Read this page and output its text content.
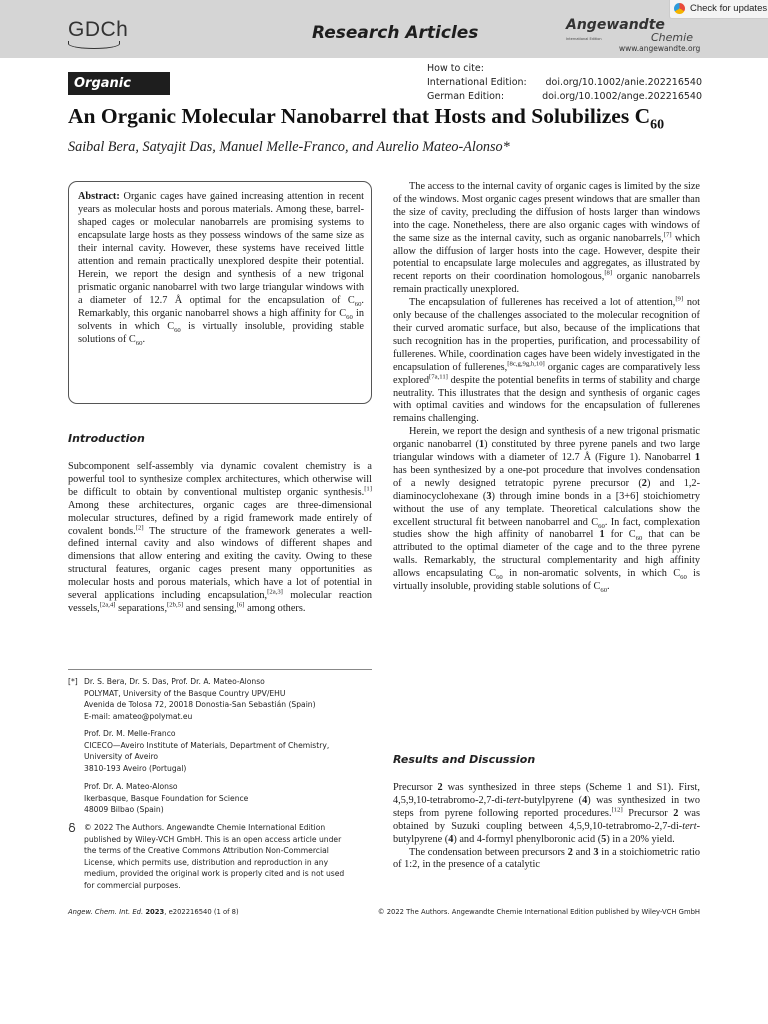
GDCh	Research Articles	Angewandte
International Edition	Chemie
www.angewandte.org
Check for updates
Organic
How to cite:
International Edition: doi.org/10.1002/anie.202216540
German Edition:	doi.org/10.1002/ange.202216540
An Organic Molecular Nanobarrel that Hosts and Solubilizes $C_{60}$
Saibal Bera, Satyajit Das, Manuel Melle-Franco, and Aurelio Mateo-Alonso*
Abstract: Organic cages have gained increasing attention in recent years as molecular hosts and porous materials. Among these, barrel-shaped cages or molecular nanobarrels are promising systems to encapsulate large hosts as they possess windows of the same size as their internal cavity. However, these systems have received little attention and remain practically unexplored despite their potential. Herein, we report the design and synthesis of a new trigonal prismatic organic nanobarrel with two large triangular windows with a diameter of 12.7 Å optimal for the encapsulation of $C_{60}$. Remarkably, this organic nanobarrel shows a high affinity for $C_{60}$ in solvents in which $C_{60}$ is virtually insoluble, providing stable solutions of $C_{60}$.
Introduction

Subcomponent self-assembly via dynamic covalent chemistry is a powerful tool to synthesize complex architectures, which otherwise will be difficult to obtain by conventional multistep organic synthesis.[1] Among these architectures, organic cages are three-dimensional molecular structures, defined by a rigid framework made entirely of covalent bonds.[2] The structure of the framework generates a well-defined internal cavity and also windows of different shapes and dimensions that allow entering and exiting the cavity. Owing to these structural features, organic cages present many opportunities as molecular hosts and porous materials, which have a lot of potential in several applications including encapsulation,[2a,3] molecular reaction vessels,[2a,4] separations,[2b,5] and sensing,[6] among others.

[*] Dr. S. Bera, Dr. S. Das, Prof. Dr. A. Mateo-Alonso
POLYMAT, University of the Basque Country UPV/EHU
Avenida de Tolosa 72, 20018 Donostia-San Sebastián (Spain)
E-mail: amateo@polymat.eu
Prof. Dr. M. Melle-Franco
CICECO—Aveiro Institute of Materials, Department of Chemistry,
University of Aveiro
3810-193 Aveiro (Portugal)
Prof. Dr. A. Mateo-Alonso
Ikerbasque, Basque Foundation for Science
48009 Bilbao (Spain)
© 2022 The Authors. Angewandte Chemie International Edition
published by Wiley-VCH GmbH. This is an open access article under
the terms of the Creative Commons Attribution Non-Commercial
License, which permits use, distribution and reproduction in any
medium, provided the original work is properly cited and is not used
for commercial purposes.

The access to the internal cavity of organic cages is limited by the size of the windows. Most organic cages present windows that are smaller than the size of cavity, precluding the diffusion of hosts larger than windows into the cage. Nonetheless, there are also organic cages with windows of the same size as the internal cavity, such as organic nanobarrels,[7] which allow the diffusion of larger hosts into the cage. However, despite their potential to encapsulate large molecules and aggregates, as illustrated by recent reports on their coordination homologous,[8] organic nanobarrels remain practically unexplored.

The encapsulation of fullerenes has received a lot of attention,[9] not only because of the challenges associated to the molecular recognition of their curved aromatic surface, but also, because of the implications that such recognition has in the properties, purification, and processability of fullerenes. While, coordination cages have been widely investigated in the encapsulation of fullerenes,[8c,g,9g,h,10] organic cages are comparatively less explored[7a,11] despite the potential benefits in terms of stability and charge neutrality. This illustrates that the design and synthesis of organic cages with optimal cavities and windows for the encapsulation of fullerenes remains challenging.

Herein, we report the design and synthesis of a new trigonal prismatic organic nanobarrel (1) constituted by three pyrene panels and two large triangular windows with a diameter of 12.7 Å (Figure 1). Nanobarrel 1 has been synthesized by a one-pot procedure that involves condensation of a newly designed tetratopic pyrene precursor (2) and 1,2-diaminocyclohexane (3) through imine bonds in a [3+6] stoichiometry without the use of any template. Theoretical calculations show the excellent structural fit between nanobarrel and $C_{60}$. In fact, complexation studies show the high affinity of nanobarrel 1 for $C_{60}$ that can be attributed to the optimal diameter of the cage and to the three pyrene walls. Remarkably, the structural complementarity and high affinity allows encapsulating $C_{60}$ in non-aromatic solvents, in which $C_{60}$ is virtually insoluble, providing stable solutions of $C_{60}$.

Results and Discussion

Precursor 2 was synthesized in three steps (Scheme 1 and S1). First, 4,5,9,10-tetrabromo-2,7-di-tert-butylpyrene (4) was synthesized in two steps from pyrene following reported procedures.[12] Precursor 2 was obtained by Suzuki coupling between 4,5,9,10-tetrabromo-2,7-di-tert-butylpyrene (4) and 4-formyl phenylboronic acid (5) in a 20% yield.

The condensation between precursors 2 and 3 in a stoichiometric ratio of 1:2, in the presence of a catalytic

Angew. Chem. Int. Ed. 2023, e202216540 (1 of 8)	© 2022 The Authors. Angewandte Chemie International Edition published by Wiley-VCH GmbH
